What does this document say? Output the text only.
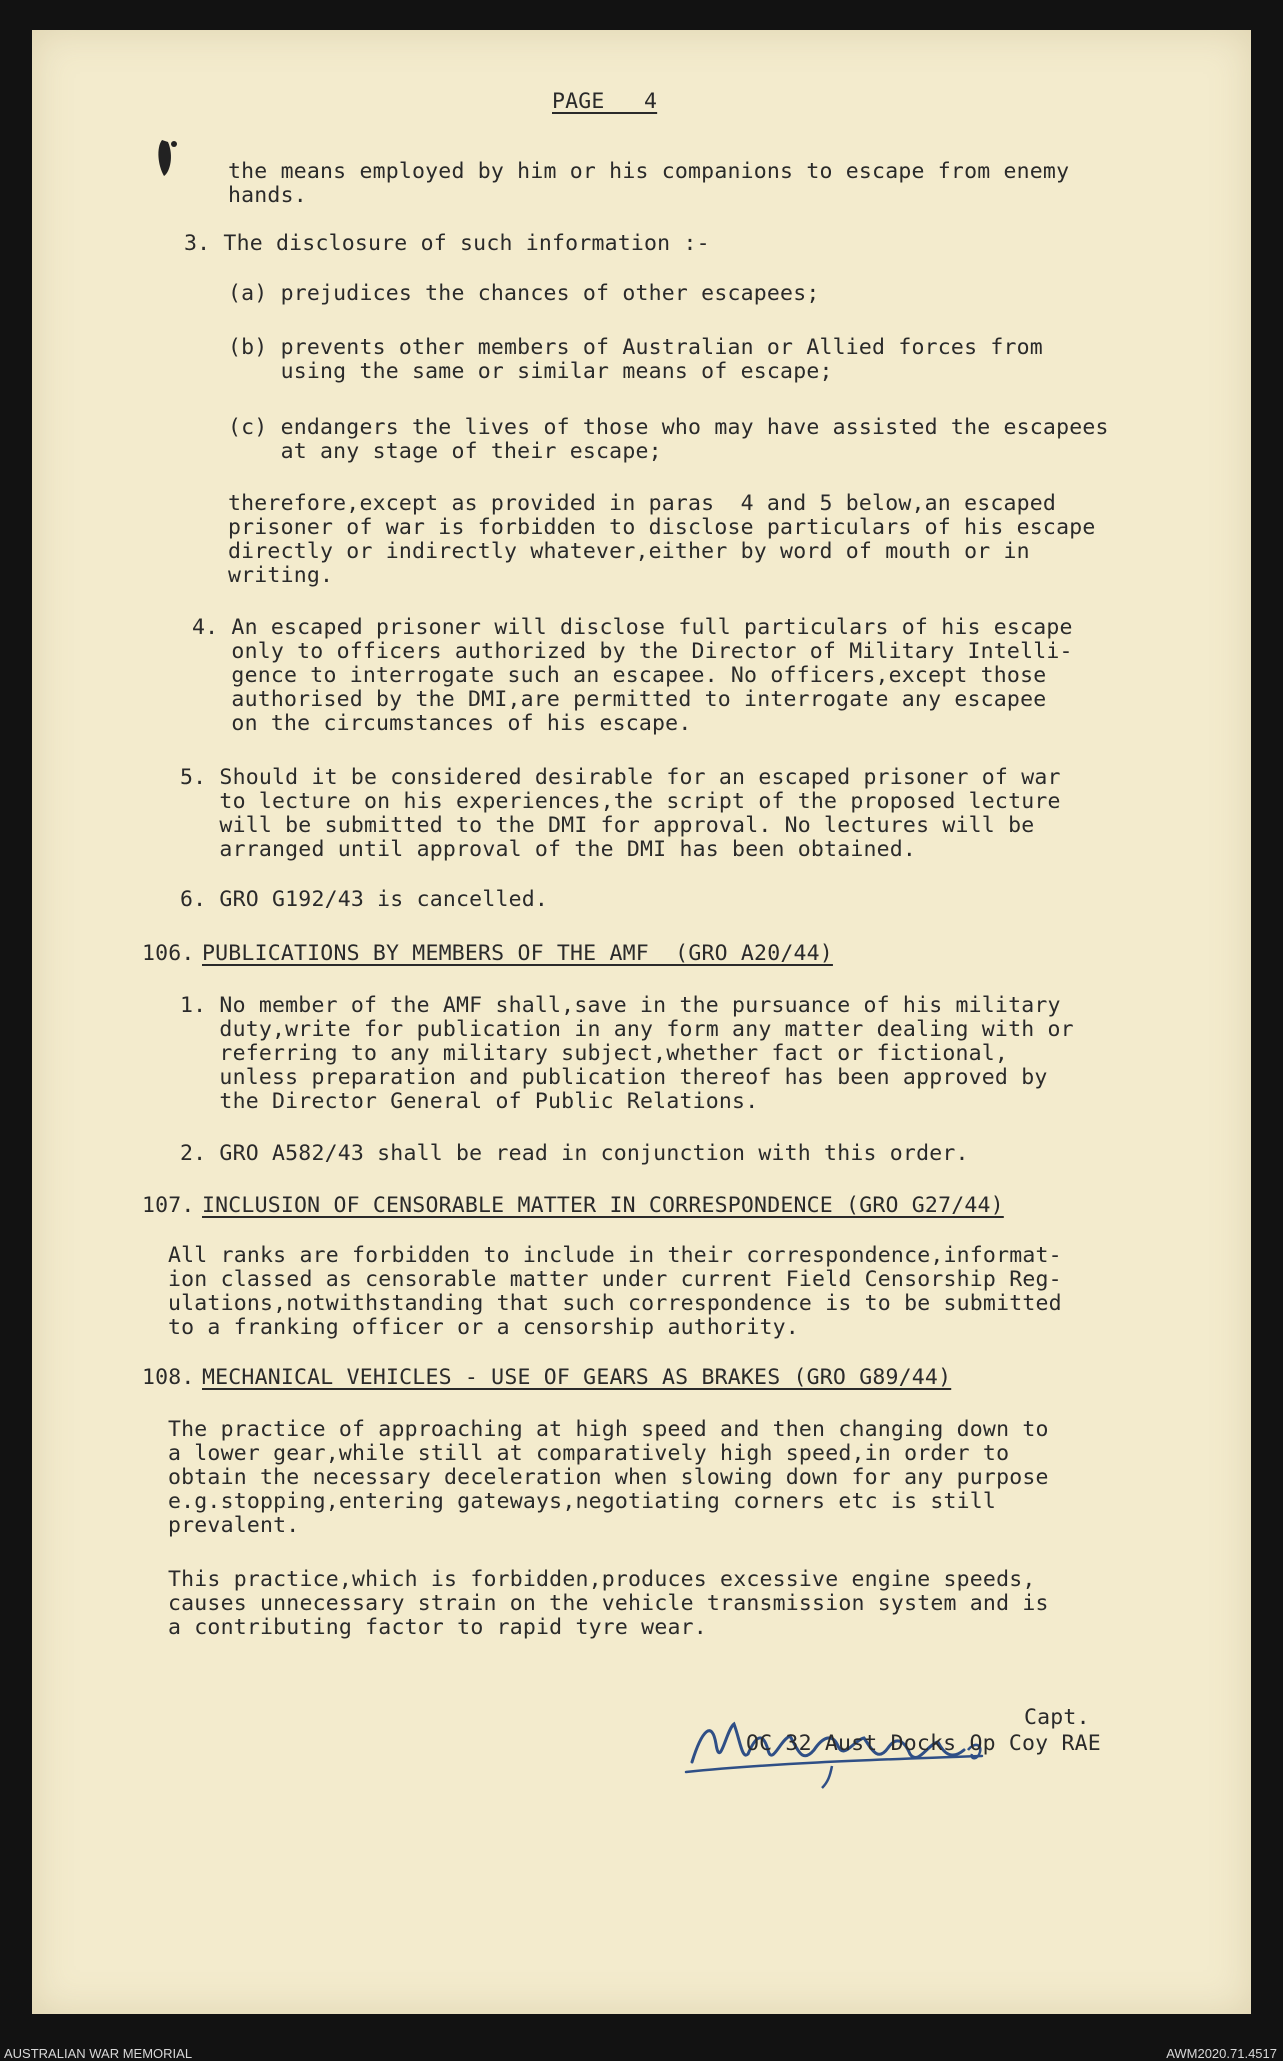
PAGE   4
the means employed by him or his companions to escape from enemy
hands.
3. The disclosure of such information :-
(a) prejudices the chances of other escapees;
(b) prevents other members of Australian or Allied forces from
using the same or similar means of escape;
(c) endangers the lives of those who may have assisted the escapees
at any stage of their escape;
therefore,except as provided in paras  4 and 5 below,an escaped
prisoner of war is forbidden to disclose particulars of his escape
directly or indirectly whatever,either by word of mouth or in
writing.
4. An escaped prisoner will disclose full particulars of his escape
only to officers authorized by the Director of Military Intelli-
gence to interrogate such an escapee. No officers,except those
authorised by the DMI,are permitted to interrogate any escapee
on the circumstances of his escape.
5. Should it be considered desirable for an escaped prisoner of war
to lecture on his experiences,the script of the proposed lecture
will be submitted to the DMI for approval. No lectures will be
arranged until approval of the DMI has been obtained.
6. GRO G192/43 is cancelled.
106. PUBLICATIONS BY MEMBERS OF THE AMF  (GRO A20/44)
1. No member of the AMF shall,save in the pursuance of his military
duty,write for publication in any form any matter dealing with or
referring to any military subject,whether fact or fictional,
unless preparation and publication thereof has been approved by
the Director General of Public Relations.
2. GRO A582/43 shall be read in conjunction with this order.
107. INCLUSION OF CENSORABLE MATTER IN CORRESPONDENCE (GRO G27/44)
All ranks are forbidden to include in their correspondence,informat-
ion classed as censorable matter under current Field Censorship Reg-
ulations,notwithstanding that such correspondence is to be submitted
to a franking officer or a censorship authority.
108. MECHANICAL VEHICLES - USE OF GEARS AS BRAKES (GRO G89/44)
The practice of approaching at high speed and then changing down to
a lower gear,while still at comparatively high speed,in order to
obtain the necessary deceleration when slowing down for any purpose
e.g.stopping,entering gateways,negotiating corners etc is still
prevalent.
This practice,which is forbidden,produces excessive engine speeds,
causes unnecessary strain on the vehicle transmission system and is
a contributing factor to rapid tyre wear.
Capt.
OC 32 Aust Docks Op Coy RAE
AUSTRALIAN WAR MEMORIAL	AWM2020.71.4517
